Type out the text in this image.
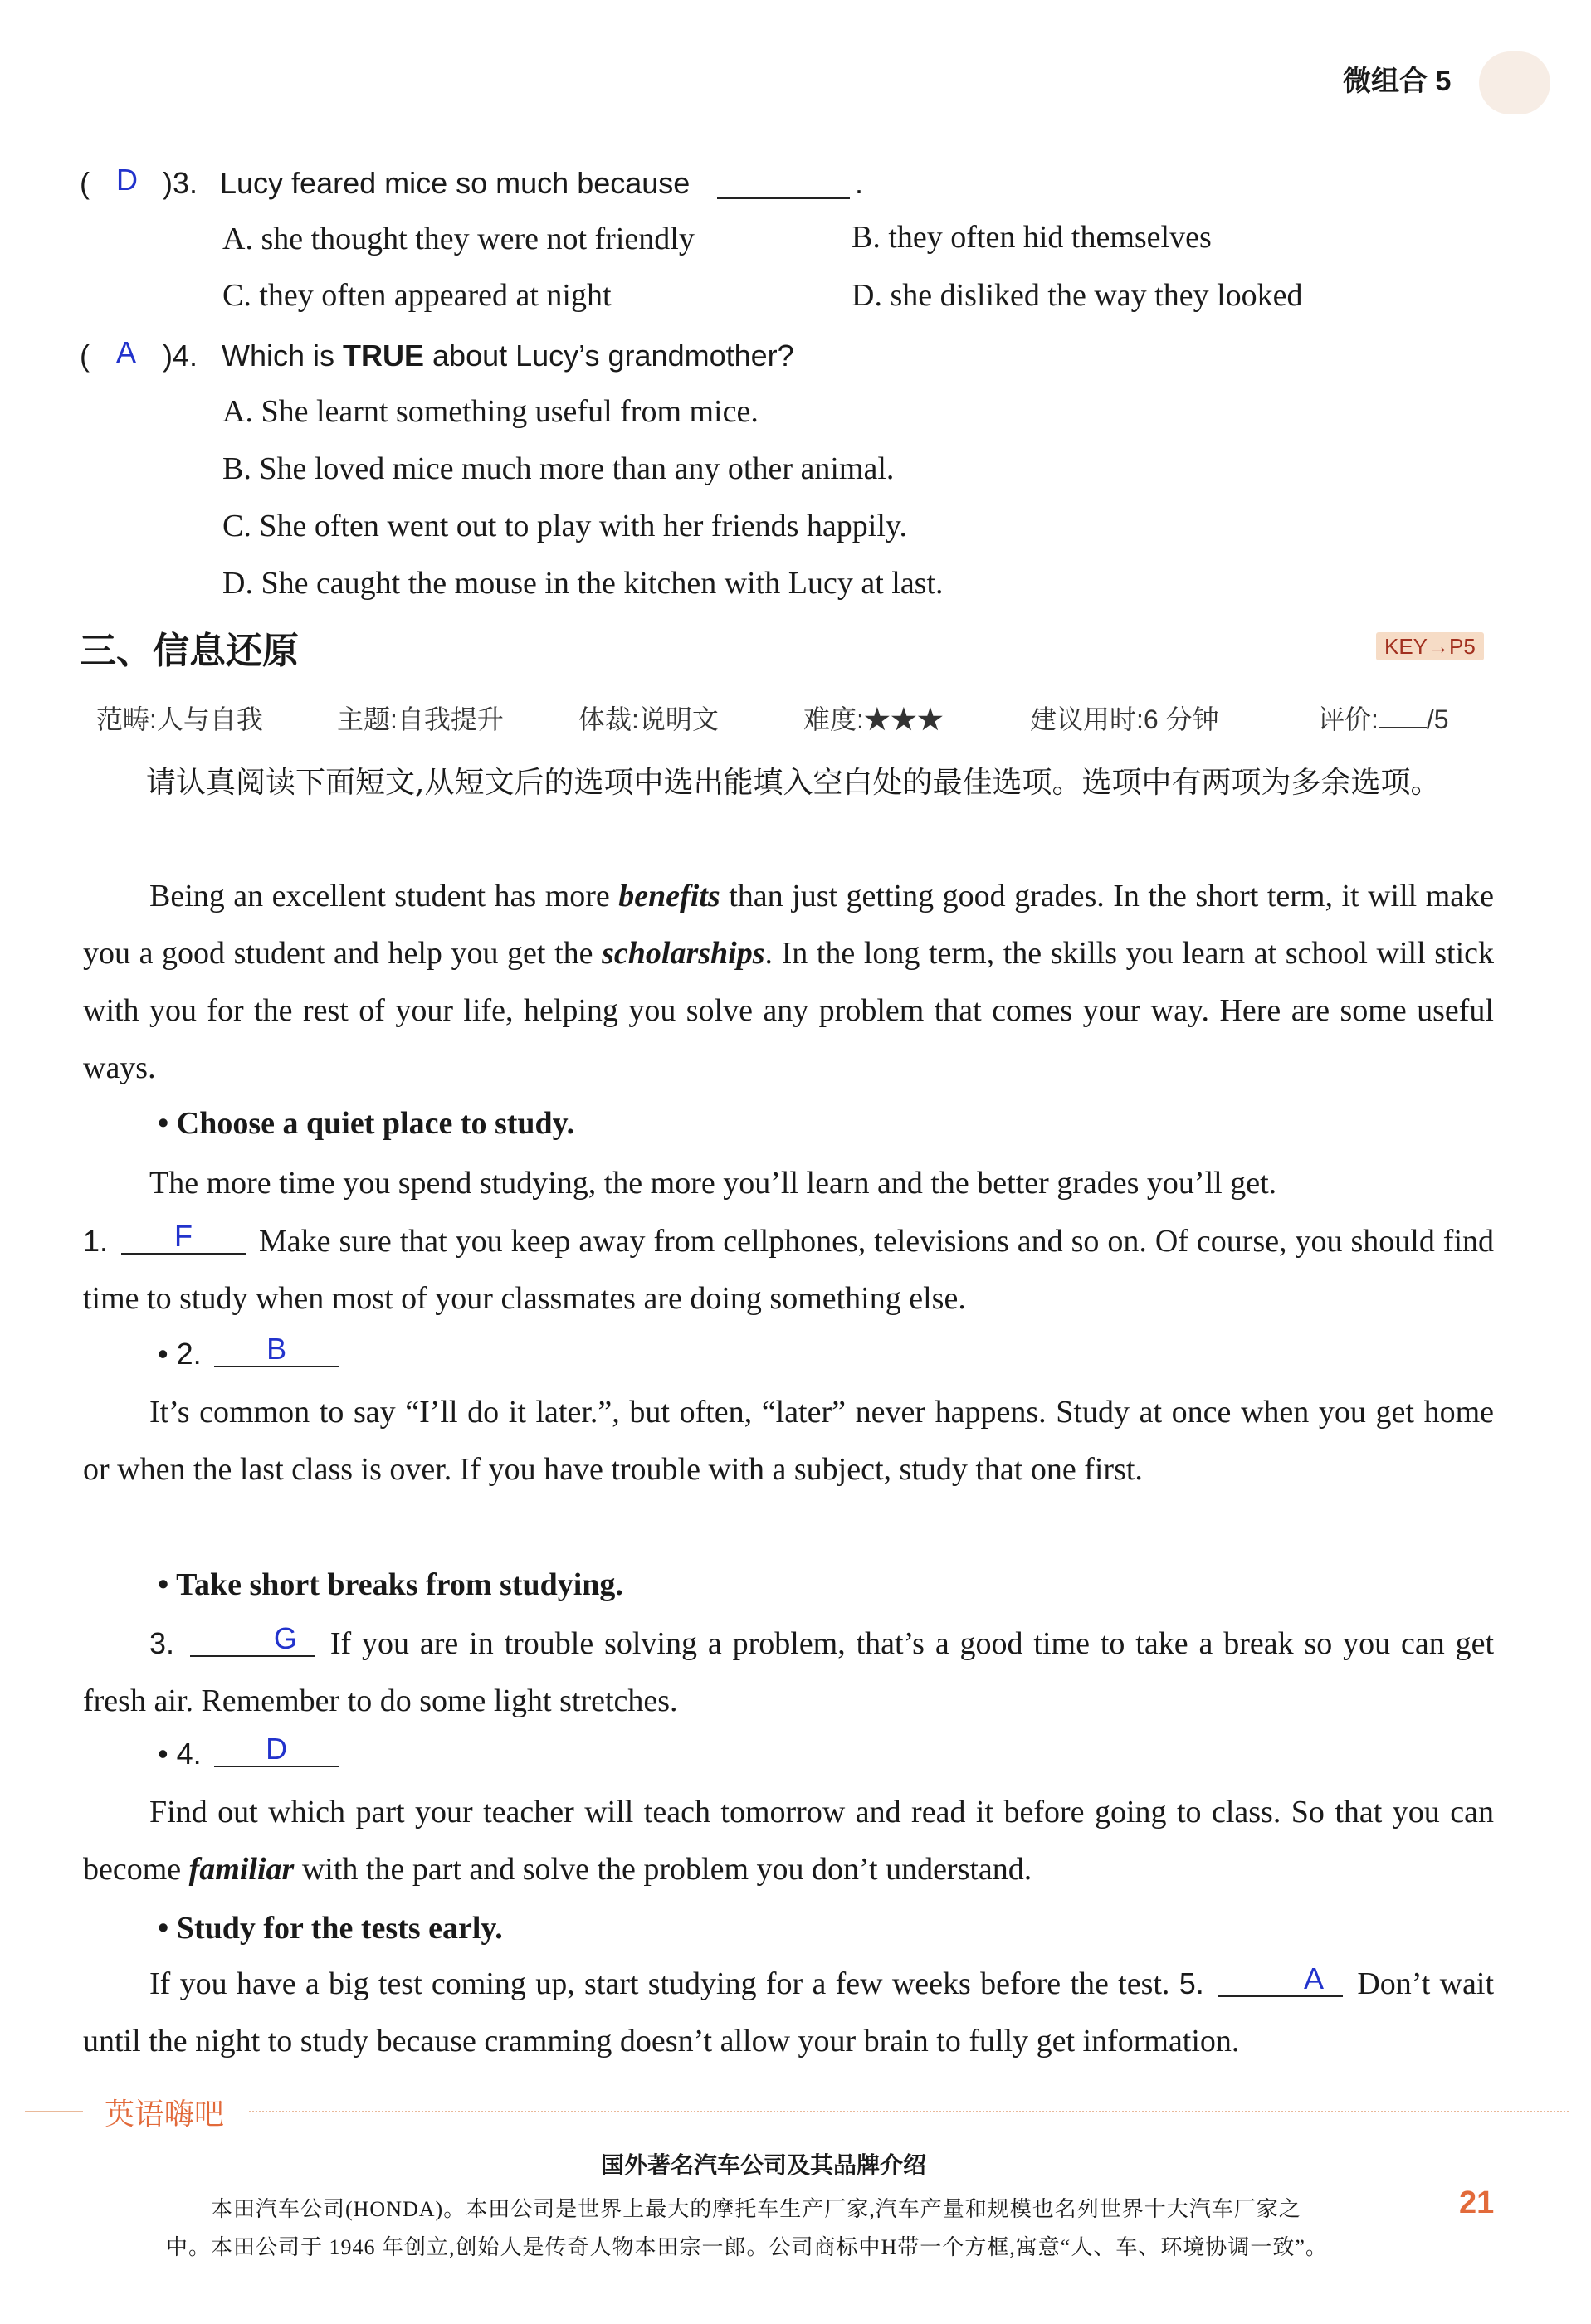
微组合 5
( D )3. Lucy feared mice so much because	.
A. she thought they were not friendly	B. they often hid themselves
C. they often appeared at night	D. she disliked the way they looked
( A )4. Which is TRUE about Lucy’s grandmother?
A. She learnt something useful from mice.
B. She loved mice much more than any other animal.
C. She often went out to play with her friends happily.
D. She caught the mouse in the kitchen with Lucy at last.
三、信息还原	KEY→P5
范畴:人与自我	主题:自我提升	体裁:说明文	难度:★★★	建议用时:6 分钟	评价: /5
请认真阅读下面短文,从短文后的选项中选出能填入空白处的最佳选项。选项中有两项为多余选项。
Being an excellent student has more benefits than just getting good grades. In the short term, it will make you a good student and help you get the scholarships. In the long term, the skills you learn at school will stick with you for the rest of your life, helping you solve any problem that comes your way. Here are some useful ways.
• Choose a quiet place to study.
The more time you spend studying, the more you’ll learn and the better grades you’ll get.
1. F Make sure that you keep away from cellphones, televisions and so on. Of course, you should find time to study when most of your classmates are doing something else.
• 2. B
It’s common to say “I’ll do it later.”, but often, “later” never happens. Study at once when you get home or when the last class is over. If you have trouble with a subject, study that one first.
• Take short breaks from studying.
3.	G If you are in trouble solving a problem, that’s a good time to take a break so you can get fresh air. Remember to do some light stretches.
• 4. D
Find out which part your teacher will teach tomorrow and read it before going to class. So that you can become familiar with the part and solve the problem you don’t understand.
• Study for the tests early.
If you have a big test coming up, start studying for a few weeks before the test. 5.	A Don’t wait until the night to study because cramming doesn’t allow your brain to fully get information.
英语嗨吧
国外著名汽车公司及其品牌介绍
本田汽车公司(HONDA)。本田公司是世界上最大的摩托车生产厂家,汽车产量和规模也名列世界十大汽车厂家之
中。本田公司于 1946 年创立,创始人是传奇人物本田宗一郎。公司商标中H带一个方框,寓意“人、车、环境协调一致”。
21
